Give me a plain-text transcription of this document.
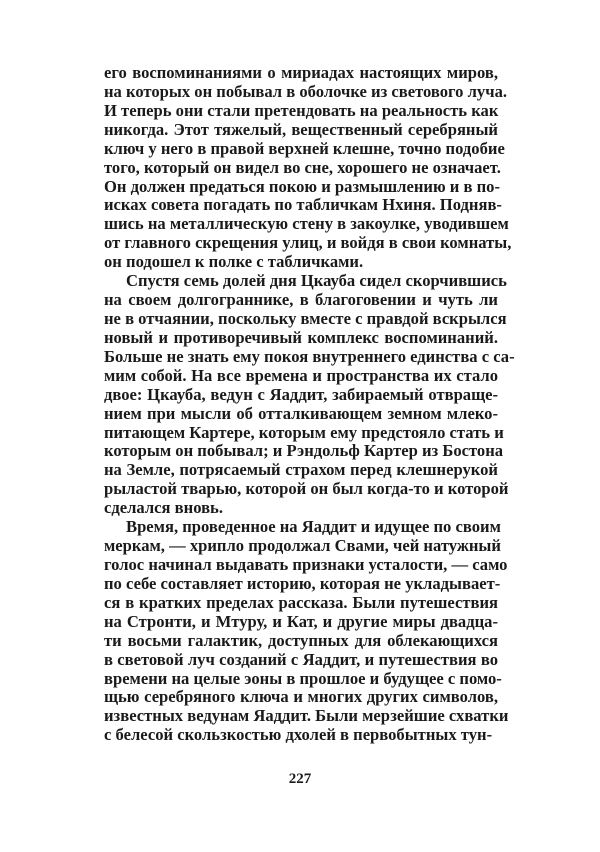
его воспоминаниями о мириадах настоящих миров,
на которых он побывал в оболочке из светового луча.
И теперь они стали претендовать на реальность как
никогда. Этот тяжелый, вещественный серебряный
ключ у него в правой верхней клешне, точно подобие
того, который он видел во сне, хорошего не означает.
Он должен предаться покою и размышлению и в по-
исках совета погадать по табличкам Нхиня. Подняв-
шись на металлическую стену в закоулке, уводившем
от главного скрещения улиц, и войдя в свои комнаты,
он подошел к полке с табличками.
Спустя семь долей дня Цкауба сидел скорчившись
на своем долгограннике, в благоговении и чуть ли
не в отчаянии, поскольку вместе с правдой вскрылся
новый и противоречивый комплекс воспоминаний.
Больше не знать ему покоя внутреннего единства с са-
мим собой. На все времена и пространства их стало
двое: Цкауба, ведун с Яаддит, забираемый отвраще-
нием при мысли об отталкивающем земном млеко-
питающем Картере, которым ему предстояло стать и
которым он побывал; и Рэндольф Картер из Бостона
на Земле, потрясаемый страхом перед клешнерукой
рыластой тварью, которой он был когда-то и которой
сделался вновь.
Время, проведенное на Яаддит и идущее по своим
меркам, — хрипло продолжал Свами, чей натужный
голос начинал выдавать признаки усталости, — само
по себе составляет историю, которая не укладывает-
ся в кратких пределах рассказа. Были путешествия
на Стронти, и Мтуру, и Кат, и другие миры двадца-
ти восьми галактик, доступных для облекающихся
в световой луч созданий с Яаддит, и путешествия во
времени на целые эоны в прошлое и будущее с помо-
щью серебряного ключа и многих других символов,
известных ведунам Яаддит. Были мерзейшие схватки
с белесой скользкостью дхолей в первобытных тун-
227
